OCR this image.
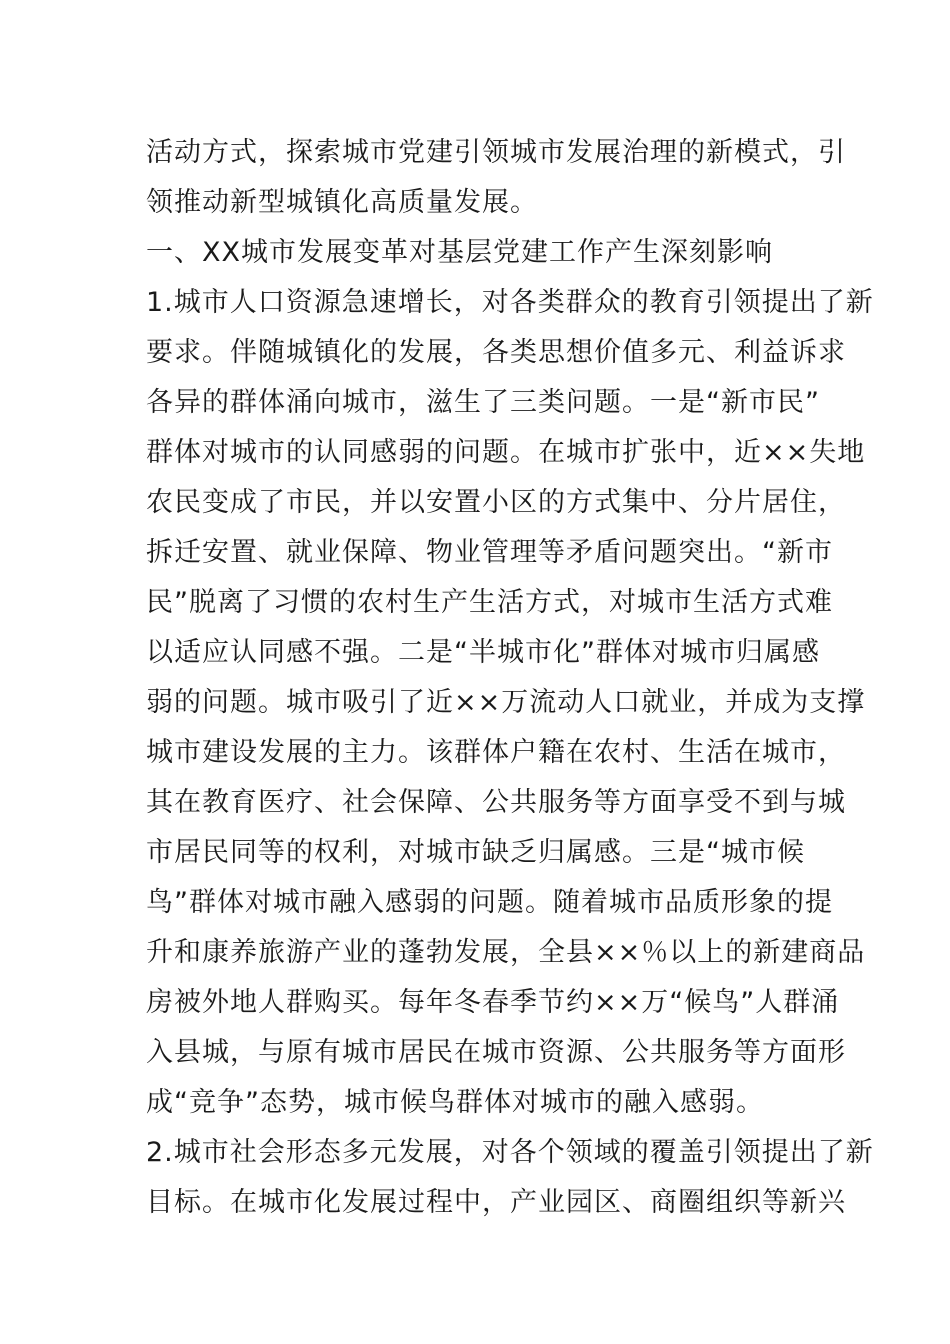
活动方式，探索城市党建引领城市发展治理的新模式，引
领推动新型城镇化高质量发展。
一、XX城市发展变革对基层党建工作产生深刻影响
1.城市人口资源急速增长，对各类群众的教育引领提出了新
要求。伴随城镇化的发展，各类思想价值多元、利益诉求
各异的群体涌向城市，滋生了三类问题。一是“新市民”
群体对城市的认同感弱的问题。在城市扩张中，近××失地
农民变成了市民，并以安置小区的方式集中、分片居住，
拆迁安置、就业保障、物业管理等矛盾问题突出。“新市
民”脱离了习惯的农村生产生活方式，对城市生活方式难
以适应认同感不强。二是“半城市化”群体对城市归属感
弱的问题。城市吸引了近××万流动人口就业，并成为支撑
城市建设发展的主力。该群体户籍在农村、生活在城市，
其在教育医疗、社会保障、公共服务等方面享受不到与城
市居民同等的权利，对城市缺乏归属感。三是“城市候
鸟”群体对城市融入感弱的问题。随着城市品质形象的提
升和康养旅游产业的蓬勃发展，全县××％以上的新建商品
房被外地人群购买。每年冬春季节约××万“候鸟”人群涌
入县城，与原有城市居民在城市资源、公共服务等方面形
成“竞争”态势，城市候鸟群体对城市的融入感弱。
2.城市社会形态多元发展，对各个领域的覆盖引领提出了新
目标。在城市化发展过程中，产业园区、商圈组织等新兴
